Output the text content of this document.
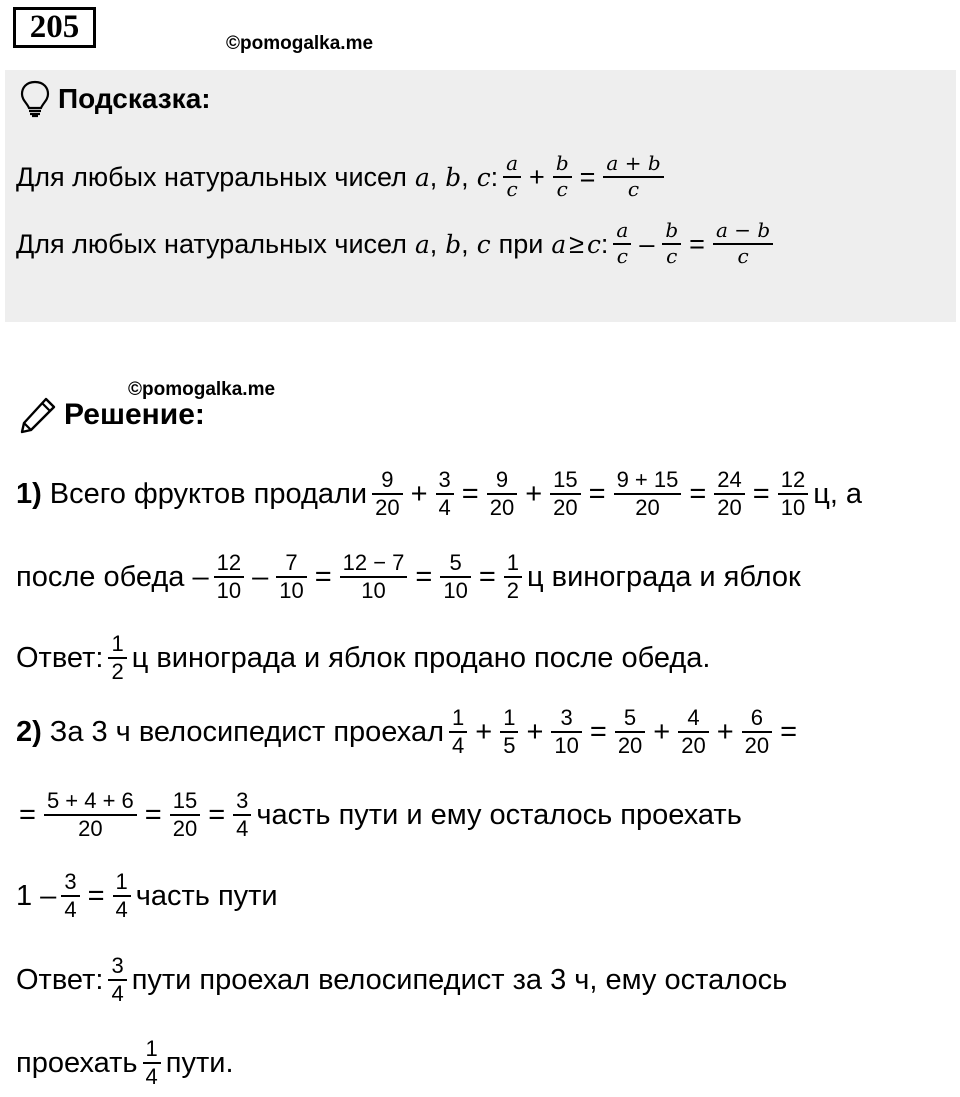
205	©pomogalka.me
Подсказка:
Для любых натуральных чисел a , b , c : $\frac{a}{c} + \frac{b}{c} = \frac{a + b}{c}$
Для любых натуральных чисел a , b , c при a ≥ c : $\frac{a}{c} - \frac{b}{c} = \frac{a - b}{c}$
©pomogalka.me
Решение:
1) Всего фруктов продали $\frac{9}{20} + \frac{3}{4} = \frac{9}{20} + \frac{15}{20} = \frac{9 + 15}{20} = \frac{24}{20} = \frac{12}{10} ц$, а
после обеда – $\frac{12}{10} - \frac{7}{10} = \frac{12 - 7}{10} = \frac{5}{10} = \frac{1}{2}$ ц винограда и яблок
Ответ: $\frac{1}{2}$ ц винограда и яблок продано после обеда.
2) За 3 ч велосипедист проехал $\frac{1}{4} + \frac{1}{5} + \frac{3}{10} = \frac{5}{20} + \frac{4}{20} + \frac{6}{20}$ =
= $\frac{5 + 4 + 6}{20} = \frac{15}{20} = \frac{3}{4}$ часть пути и ему осталось проехать
$1 - \frac{3}{4} = \frac{1}{4}$ часть пути
Ответ: $\frac{3}{4}$ пути проехал велосипедист за 3 ч, ему осталось
проехать $\frac{1}{4}$ пути.
